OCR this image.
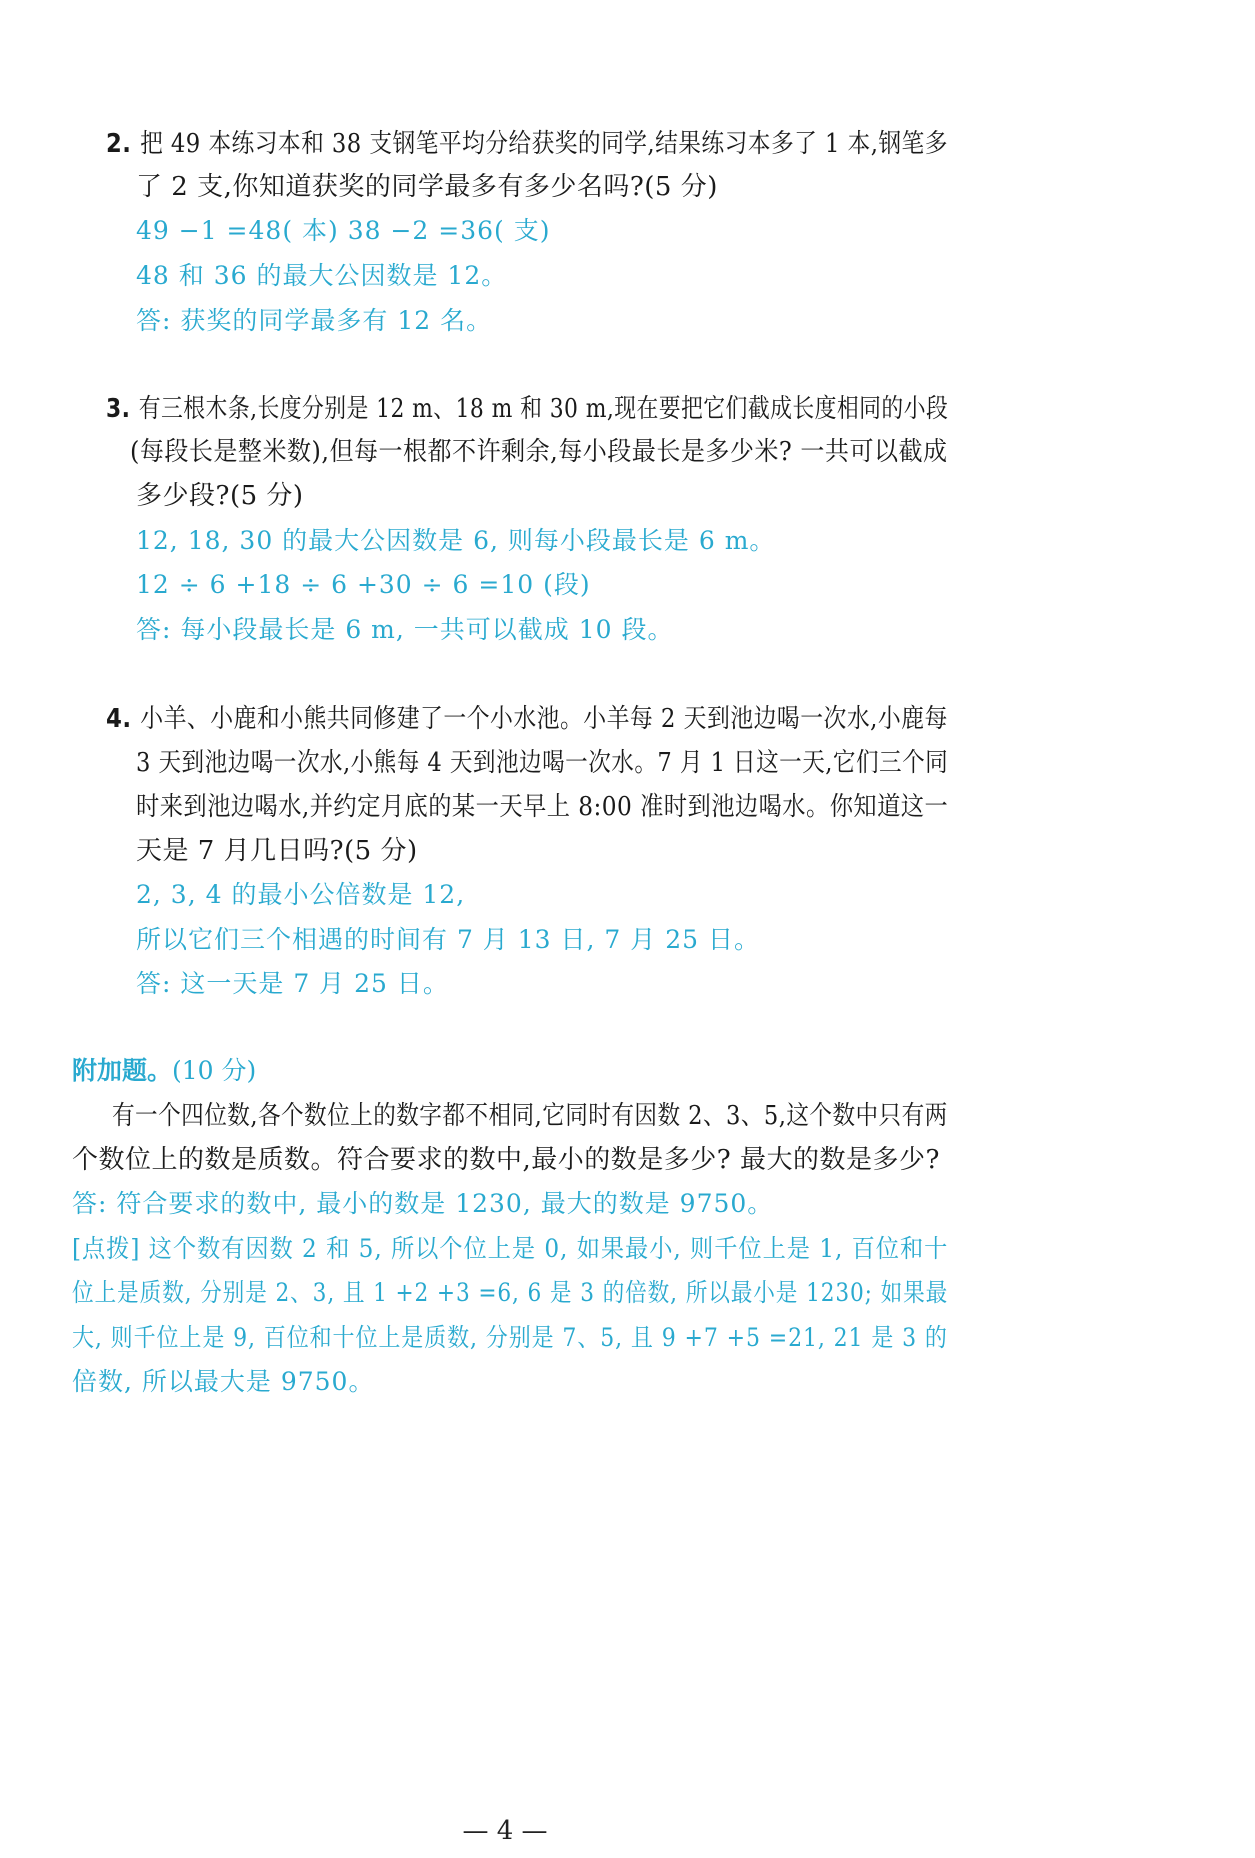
2. 把 49 本练习本和 38 支钢笔平均分给获奖的同学,结果练习本多了 1 本,钢笔多
了 2 支,你知道获奖的同学最多有多少名吗?(5 分)
49 −1 =48( 本) 38 −2 =36( 支)
48 和 36 的最大公因数是 12。
答: 获奖的同学最多有 12 名。
3. 有三根木条,长度分别是 12 m、18 m 和 30 m,现在要把它们截成长度相同的小段
(每段长是整米数),但每一根都不许剩余,每小段最长是多少米? 一共可以截成
多少段?(5 分)
12, 18, 30 的最大公因数是 6, 则每小段最长是 6 m。
12 ÷ 6 +18 ÷ 6 +30 ÷ 6 =10 (段)
答: 每小段最长是 6 m, 一共可以截成 10 段。
4. 小羊、小鹿和小熊共同修建了一个小水池。小羊每 2 天到池边喝一次水,小鹿每
3 天到池边喝一次水,小熊每 4 天到池边喝一次水。7 月 1 日这一天,它们三个同
时来到池边喝水,并约定月底的某一天早上 8:00 准时到池边喝水。你知道这一
天是 7 月几日吗?(5 分)
2, 3, 4 的最小公倍数是 12,
所以它们三个相遇的时间有 7 月 13 日, 7 月 25 日。
答: 这一天是 7 月 25 日。
附加题。(10 分)
有一个四位数,各个数位上的数字都不相同,它同时有因数 2、3、5,这个数中只有两
个数位上的数是质数。符合要求的数中,最小的数是多少? 最大的数是多少?
答: 符合要求的数中, 最小的数是 1230, 最大的数是 9750。
[点拨] 这个数有因数 2 和 5, 所以个位上是 0, 如果最小, 则千位上是 1, 百位和十
位上是质数, 分别是 2、3, 且 1 +2 +3 =6, 6 是 3 的倍数, 所以最小是 1230; 如果最
大, 则千位上是 9, 百位和十位上是质数, 分别是 7、5, 且 9 +7 +5 =21, 21 是 3 的
倍数, 所以最大是 9750。
— 4 —
